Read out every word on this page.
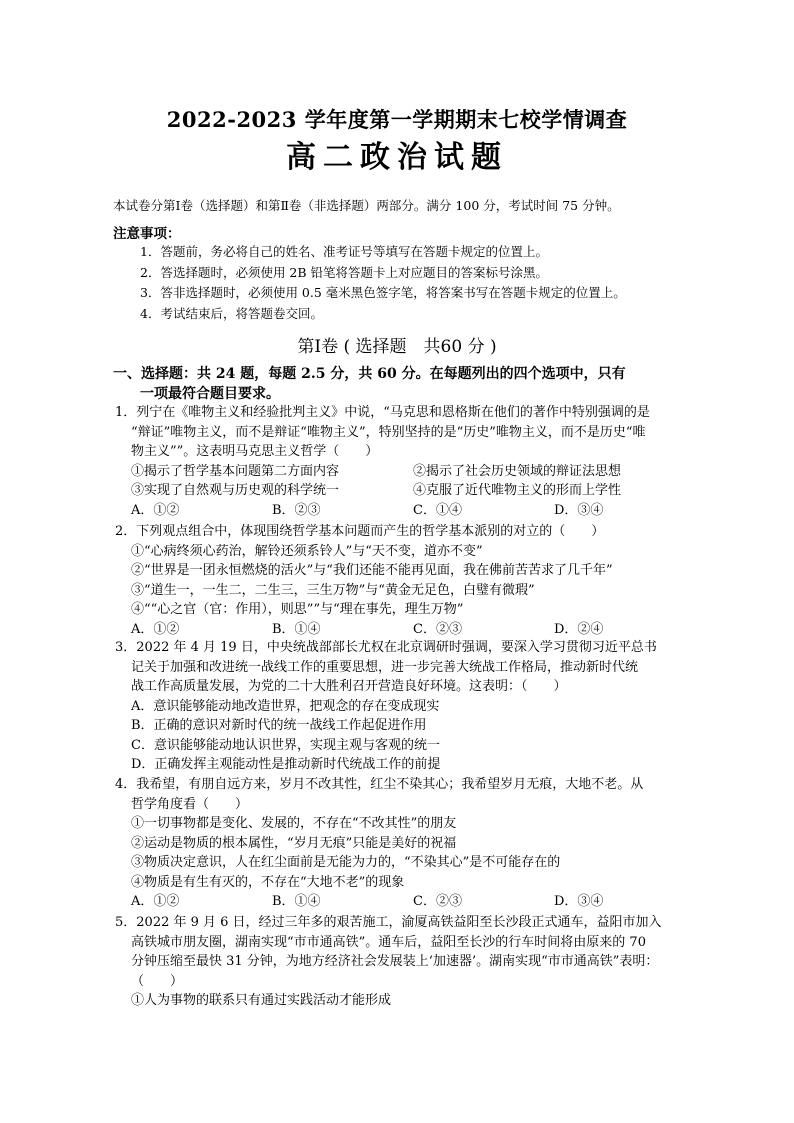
2022-2023 学年度第一学期期末七校学情调查
高二政治试题
本试卷分第Ⅰ卷（选择题）和第Ⅱ卷（非选择题）两部分。满分 100 分，考试时间 75 分钟。
注意事项：
1．答题前，务必将自己的姓名、准考证号等填写在答题卡规定的位置上。
2．答选择题时，必须使用 2B 铅笔将答题卡上对应题目的答案标号涂黑。
3．答非选择题时，必须使用 0.5 毫米黑色签字笔，将答案书写在答题卡规定的位置上。
4．考试结束后，将答题卷交回。
第Ⅰ卷 ( 选择题　共60 分 )
一、选择题：共 24 题，每题 2.5 分，共 60 分。在每题列出的四个选项中，只有
一项最符合题目要求。
1．列宁在《唯物主义和经验批判主义》中说，“马克思和恩格斯在他们的著作中特别强调的是
“辩证”唯物主义，而不是辩证“唯物主义”，特别坚持的是“历史”唯物主义，而不是历史“唯
物主义””。这表明马克思主义哲学（　　）
①揭示了哲学基本问题第二方面内容	②揭示了社会历史领域的辩证法思想
③实现了自然观与历史观的科学统一	④克服了近代唯物主义的形而上学性
A．①②	B．②③	C．①④	D．③④
2．下列观点组合中，体现围绕哲学基本问题而产生的哲学基本派别的对立的（　　）
①“心病终须心药治，解铃还须系铃人”与“天不变，道亦不变”
②“世界是一团永恒燃烧的活火”与“我们还能不能再见面，我在佛前苦苦求了几千年”
③“道生一，一生二，二生三，三生万物”与“黄金无足色，白璧有微瑕”
④““心之官（官：作用），则思””与“理在事先，理生万物”
A．①②	B．①④	C．②③	D．②④
3．2022 年 4 月 19 日，中央统战部部长尤权在北京调研时强调，要深入学习贯彻习近平总书
记关于加强和改进统一战线工作的重要思想，进一步完善大统战工作格局，推动新时代统
战工作高质量发展，为党的二十大胜利召开营造良好环境。这表明：（　　）
A．意识能够能动地改造世界，把观念的存在变成现实
B．正确的意识对新时代的统一战线工作起促进作用
C．意识能够能动地认识世界，实现主观与客观的统一
D．正确发挥主观能动性是推动新时代统战工作的前提
4．我希望，有朋自远方来，岁月不改其性，红尘不染其心；我希望岁月无痕，大地不老。从
哲学角度看（　　）
①一切事物都是变化、发展的，不存在“不改其性”的朋友
②运动是物质的根本属性，“岁月无痕”只能是美好的祝福
③物质决定意识，人在红尘面前是无能为力的，“不染其心”是不可能存在的
④物质是有生有灭的，不存在“大地不老”的现象
A．①②	B．①④	C．②③	D．③④
5．2022 年 9 月 6 日，经过三年多的艰苦施工，渝厦高铁益阳至长沙段正式通车，益阳市加入
高铁城市朋友圈，湖南实现“市市通高铁”。通车后，益阳至长沙的行车时间将由原来的 70
分钟压缩至最快 31 分钟，为地方经济社会发展装上‘加速器’。湖南实现“市市通高铁”表明：
（　　）
①人为事物的联系只有通过实践活动才能形成
